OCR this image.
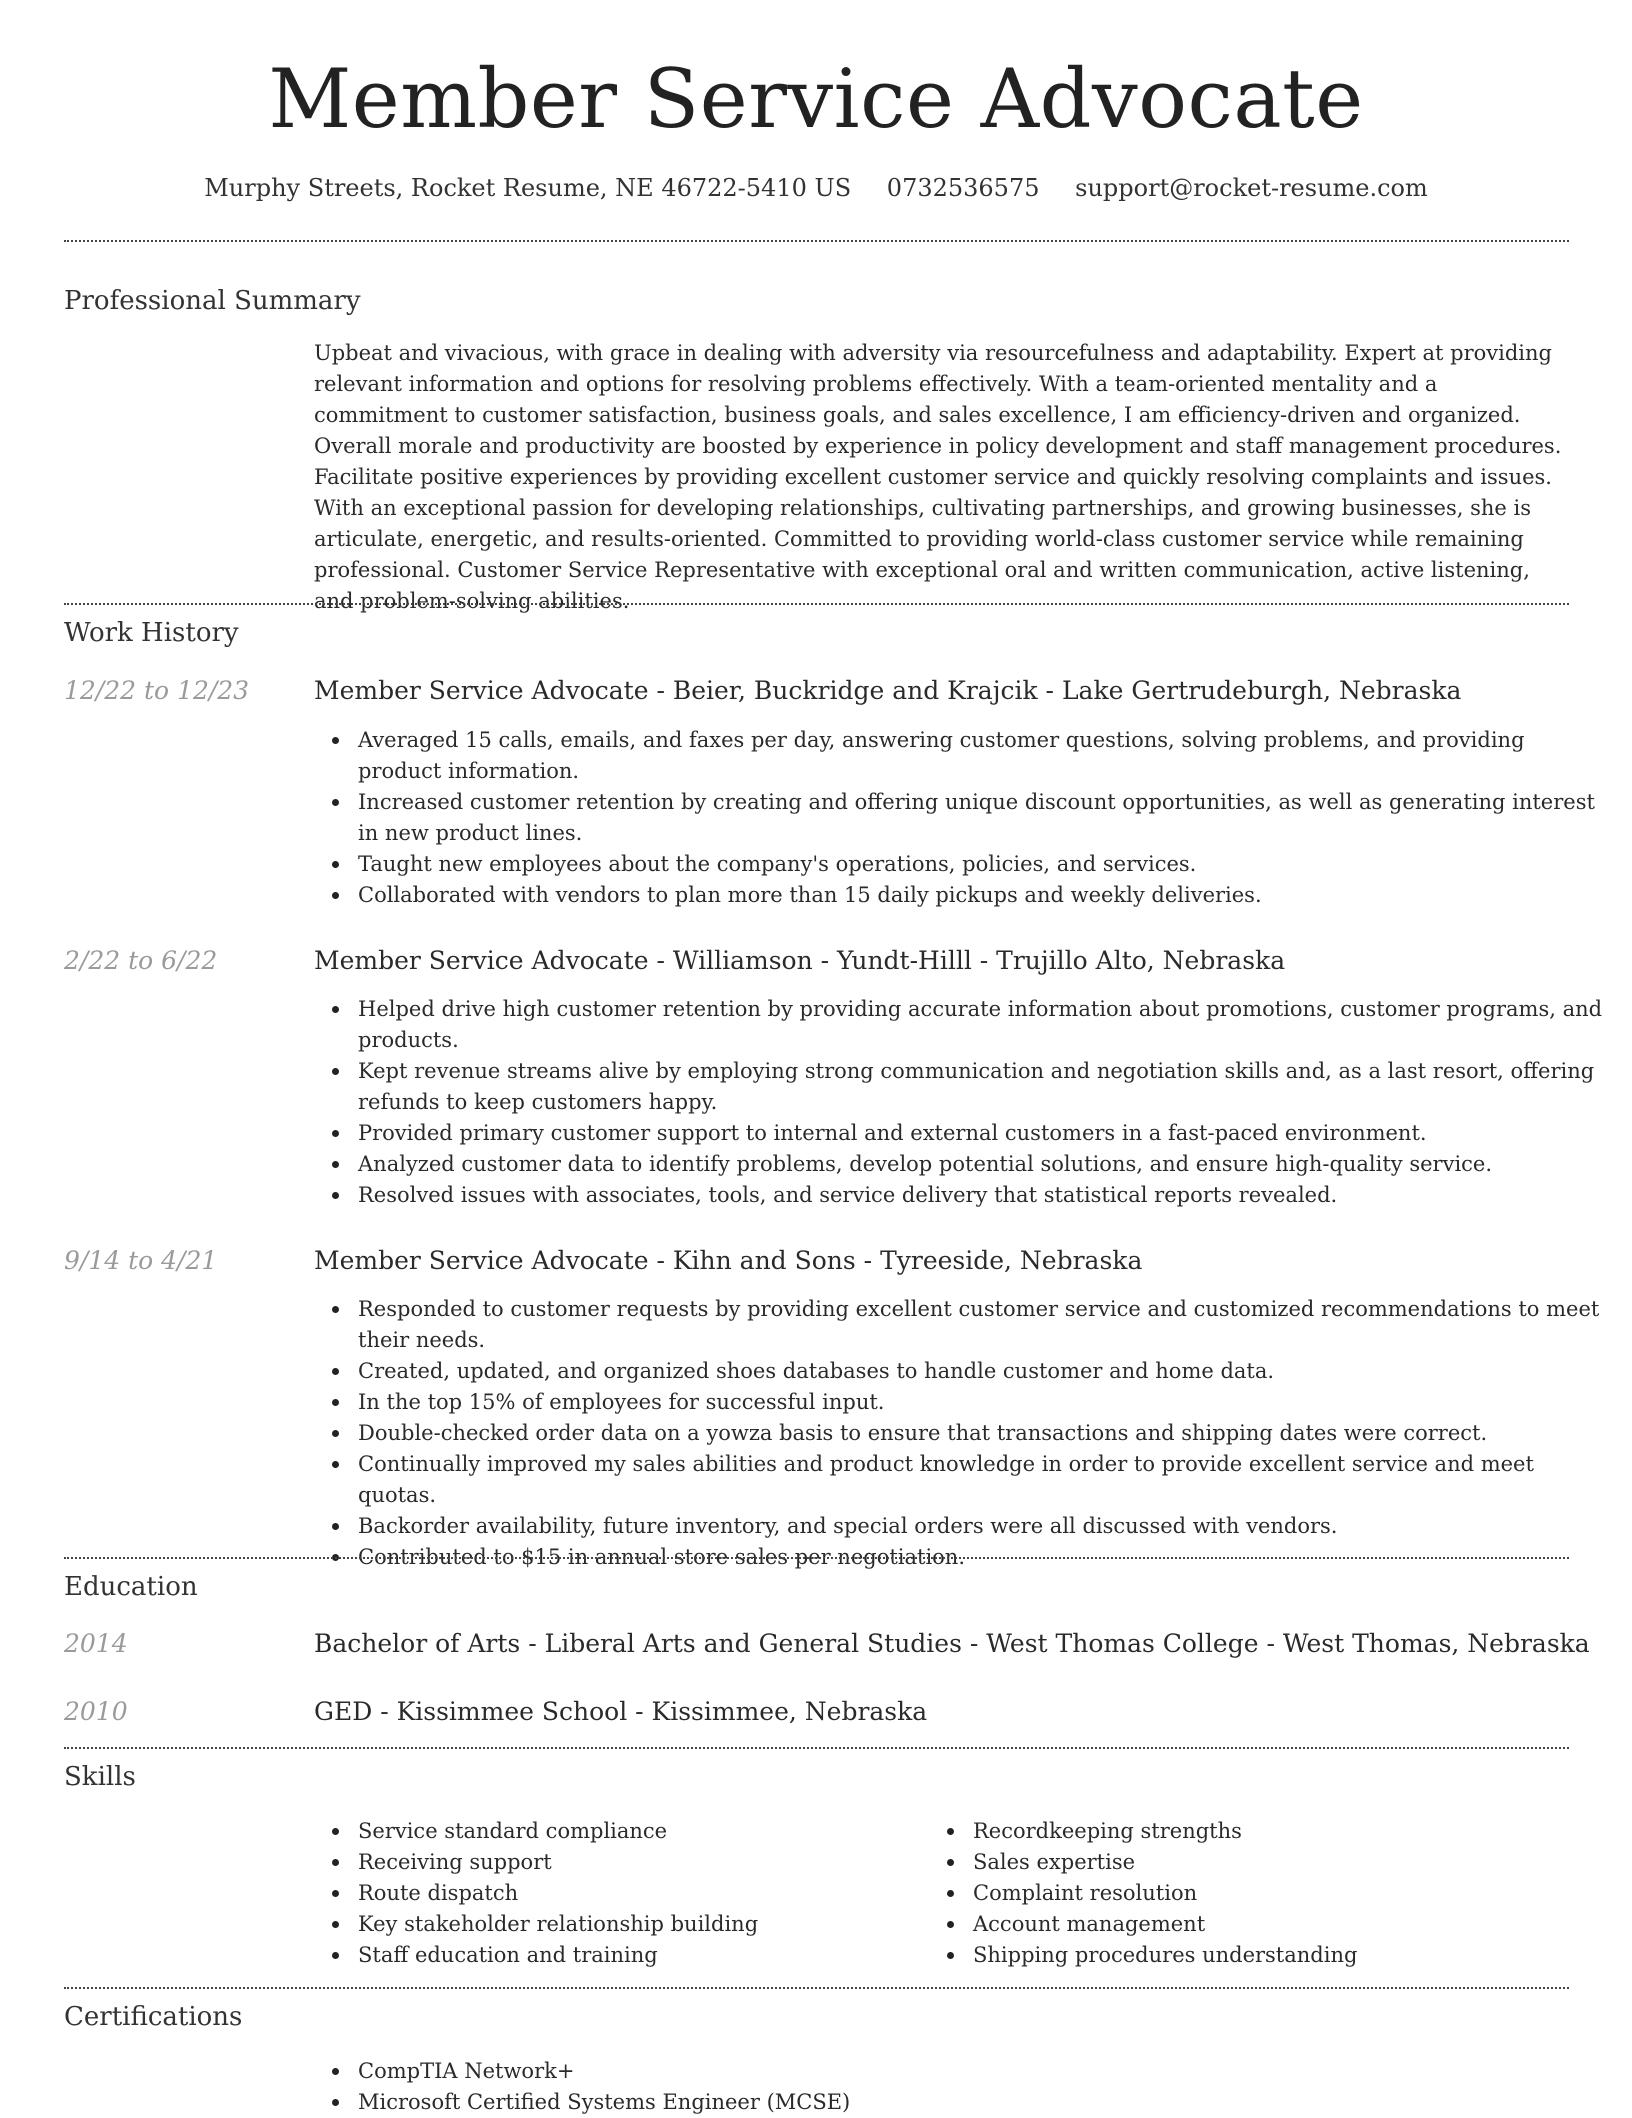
Member Service Advocate
Murphy Streets, Rocket Resume, NE 46722-5410 US 0732536575 support@rocket-resume.com
Professional Summary
Upbeat and vivacious, with grace in dealing with adversity via resourcefulness and adaptability. Expert at providing relevant information and options for resolving problems effectively. With a team-oriented mentality and a commitment to customer satisfaction, business goals, and sales excellence, I am efficiency-driven and organized. Overall morale and productivity are boosted by experience in policy development and staff management procedures. Facilitate positive experiences by providing excellent customer service and quickly resolving complaints and issues. With an exceptional passion for developing relationships, cultivating partnerships, and growing businesses, she is articulate, energetic, and results-oriented. Committed to providing world-class customer service while remaining professional. Customer Service Representative with exceptional oral and written communication, active listening, and problem-solving abilities.
Work History
12/22 to 12/23	Member Service Advocate - Beier, Buckridge and Krajcik - Lake Gertrudeburgh, Nebraska
Averaged 15 calls, emails, and faxes per day, answering customer questions, solving problems, and providing product information.
Increased customer retention by creating and offering unique discount opportunities, as well as generating interest in new product lines.
Taught new employees about the company's operations, policies, and services.
Collaborated with vendors to plan more than 15 daily pickups and weekly deliveries.
2/22 to 6/22	Member Service Advocate - Williamson - Yundt-Hilll - Trujillo Alto, Nebraska
Helped drive high customer retention by providing accurate information about promotions, customer programs, and products.
Kept revenue streams alive by employing strong communication and negotiation skills and, as a last resort, offering refunds to keep customers happy.
Provided primary customer support to internal and external customers in a fast-paced environment.
Analyzed customer data to identify problems, develop potential solutions, and ensure high-quality service.
Resolved issues with associates, tools, and service delivery that statistical reports revealed.
9/14 to 4/21	Member Service Advocate - Kihn and Sons - Tyreeside, Nebraska
Responded to customer requests by providing excellent customer service and customized recommendations to meet their needs.
Created, updated, and organized shoes databases to handle customer and home data.
In the top 15% of employees for successful input.
Double-checked order data on a yowza basis to ensure that transactions and shipping dates were correct.
Continually improved my sales abilities and product knowledge in order to provide excellent service and meet quotas.
Backorder availability, future inventory, and special orders were all discussed with vendors.
Contributed to $15 in annual store sales per negotiation.
Education
2014	Bachelor of Arts - Liberal Arts and General Studies - West Thomas College - West Thomas, Nebraska
2010	GED - Kissimmee School - Kissimmee, Nebraska
Skills
Service standard compliance
Receiving support
Route dispatch
Key stakeholder relationship building
Staff education and training
Recordkeeping strengths
Sales expertise
Complaint resolution
Account management
Shipping procedures understanding
Certifications
CompTIA Network+
Microsoft Certified Systems Engineer (MCSE)
